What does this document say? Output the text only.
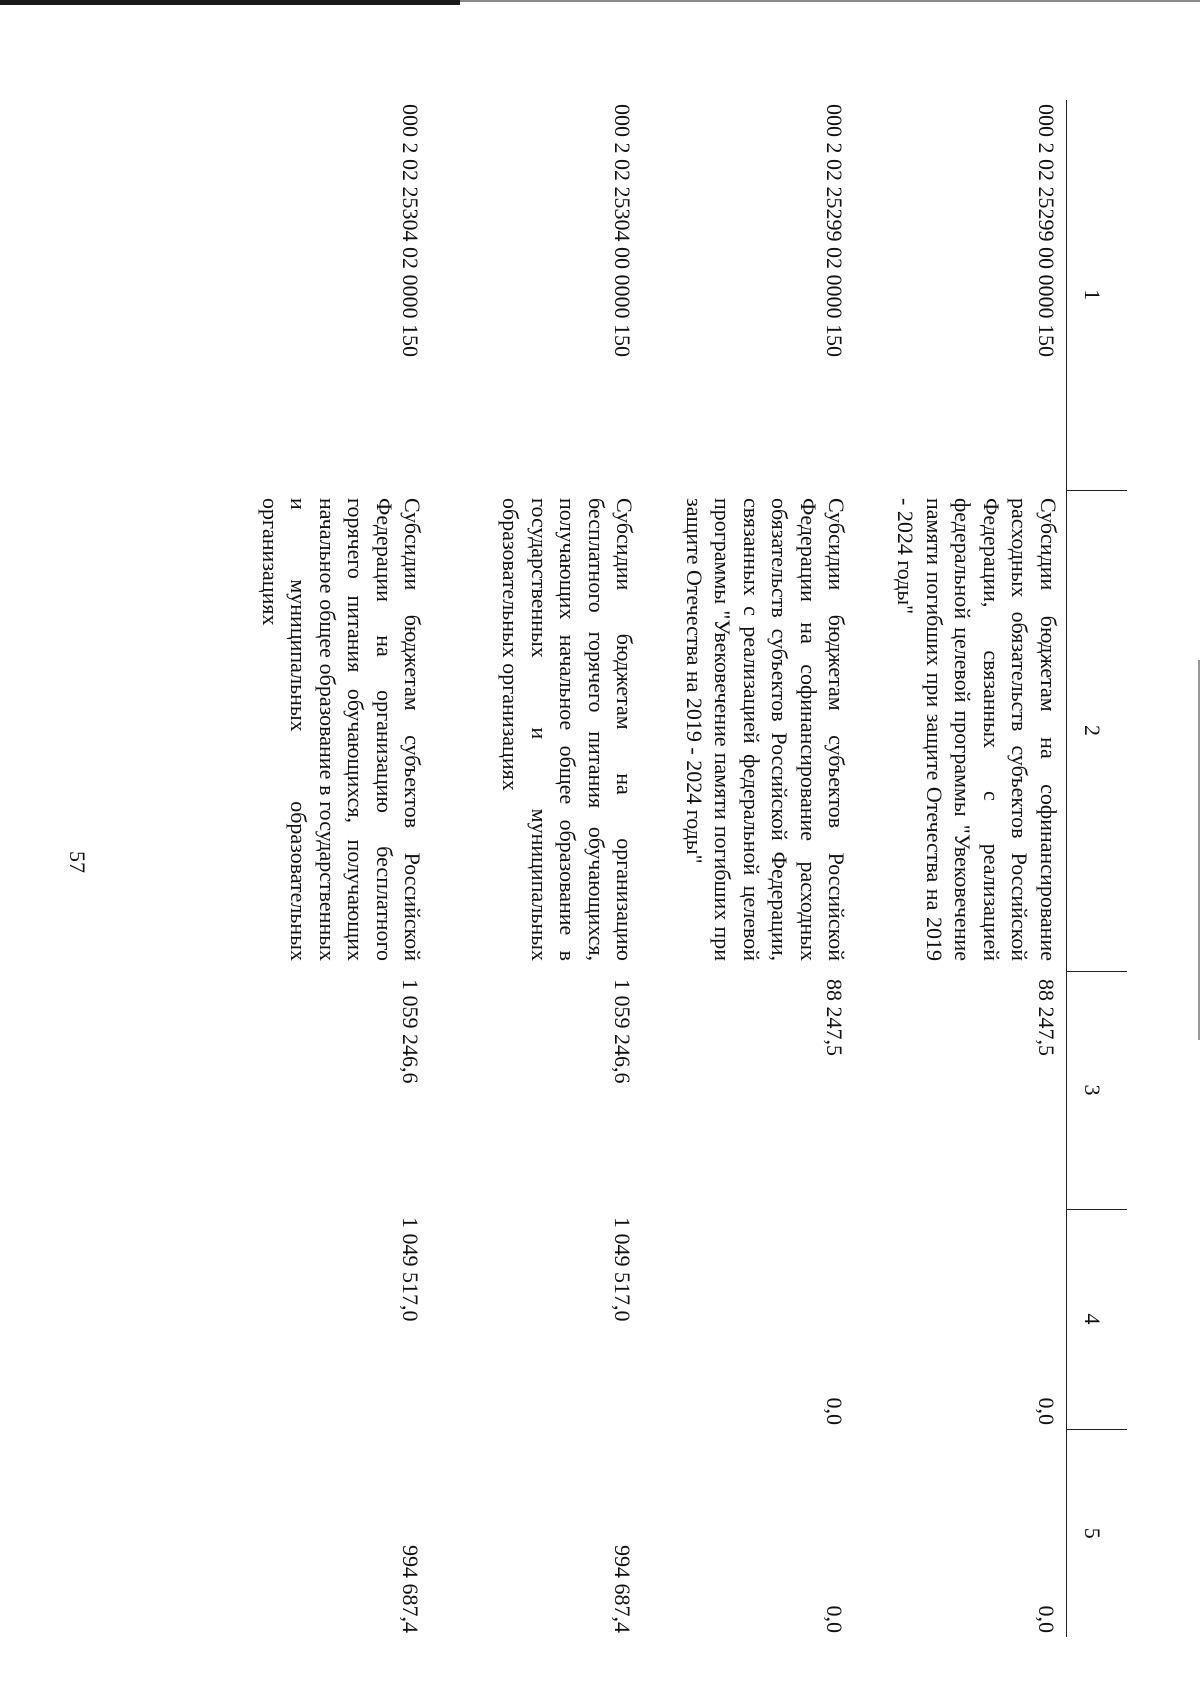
57
1	2	3	4	5
000 2 02 25299 00 0000 150	Субсидии бюджетам на софинансирование расходных обязательств субъектов Российской Федерации, связанных с реализацией федеральной целевой программы "Увековечение памяти погибших при защите Отечества на 2019 - 2024 годы"	88 247,5	0,0	0,0
000 2 02 25299 02 0000 150	Субсидии бюджетам субъектов Российской Федерации на софинансирование расходных обязательств субъектов Российской Федерации, связанных с реализацией федеральной целевой программы "Увековечение памяти погибших при защите Отечества на 2019 - 2024 годы"	88 247,5	0,0	0,0
000 2 02 25304 00 0000 150	Субсидии бюджетам на организацию бесплатного горячего питания обучающихся, получающих начальное общее образование в государственных и муниципальных образовательных организациях	1 059 246,6	1 049 517,0	994 687,4
000 2 02 25304 02 0000 150	Субсидии бюджетам субъектов Российской Федерации на организацию бесплатного горячего питания обучающихся, получающих начальное общее образование в государственных и муниципальных образовательных организациях	1 059 246,6	1 049 517,0	994 687,4
